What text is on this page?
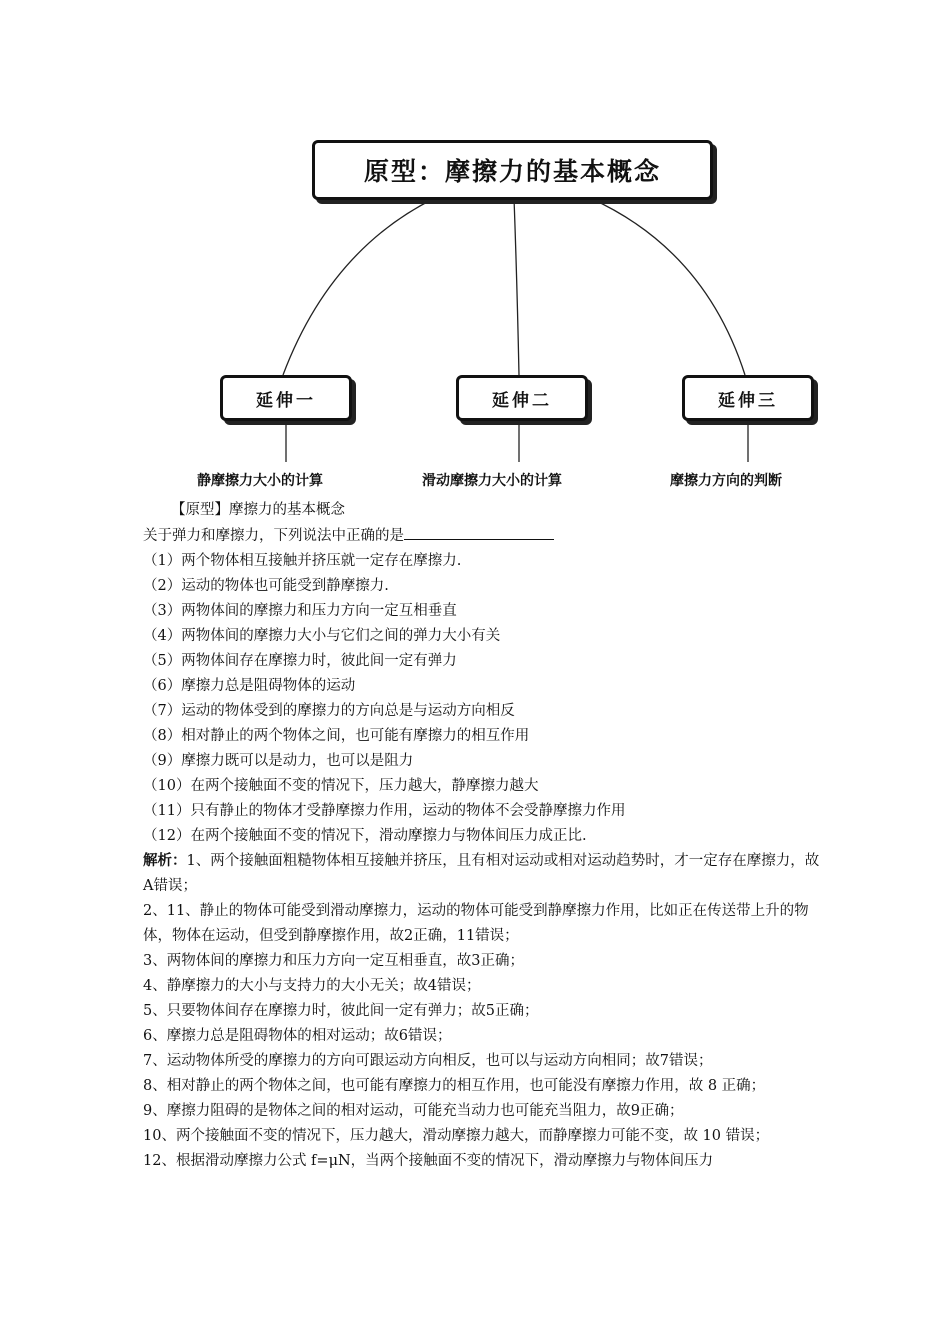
原型：摩擦力的基本概念
延伸一	延伸二	延伸三
静摩擦力大小的计算	滑动摩擦力大小的计算	摩擦力方向的判断
【原型】摩擦力的基本概念
关于弹力和摩擦力，下列说法中正确的是
（1）两个物体相互接触并挤压就一定存在摩擦力.
（2）运动的物体也可能受到静摩擦力.
（3）两物体间的摩擦力和压力方向一定互相垂直
（4）两物体间的摩擦力大小与它们之间的弹力大小有关
（5）两物体间存在摩擦力时，彼此间一定有弹力
（6）摩擦力总是阻碍物体的运动
（7）运动的物体受到的摩擦力的方向总是与运动方向相反
（8）相对静止的两个物体之间，也可能有摩擦力的相互作用
（9）摩擦力既可以是动力，也可以是阻力
（10）在两个接触面不变的情况下，压力越大，静摩擦力越大
（11）只有静止的物体才受静摩擦力作用，运动的物体不会受静摩擦力作用
（12）在两个接触面不变的情况下，滑动摩擦力与物体间压力成正比.
解析：1、两个接触面粗糙物体相互接触并挤压，且有相对运动或相对运动趋势时，才一定存在摩擦力，故A错误；
2、11、静止的物体可能受到滑动摩擦力，运动的物体可能受到静摩擦力作用，比如正在传送带上升的物体，物体在运动，但受到静摩擦作用，故2正确，11错误；
3、两物体间的摩擦力和压力方向一定互相垂直，故3正确；
4、静摩擦力的大小与支持力的大小无关；故4错误；
5、只要物体间存在摩擦力时，彼此间一定有弹力；故5正确；
6、摩擦力总是阻碍物体的相对运动；故6错误；
7、运动物体所受的摩擦力的方向可跟运动方向相反，也可以与运动方向相同；故7错误；
8、相对静止的两个物体之间，也可能有摩擦力的相互作用，也可能没有摩擦力作用，故 8 正确；
9、摩擦力阻碍的是物体之间的相对运动，可能充当动力也可能充当阻力，故9正确；
10、两个接触面不变的情况下，压力越大，滑动摩擦力越大，而静摩擦力可能不变，故 10 错误；
12、根据滑动摩擦力公式 f=μN，当两个接触面不变的情况下，滑动摩擦力与物体间压力
